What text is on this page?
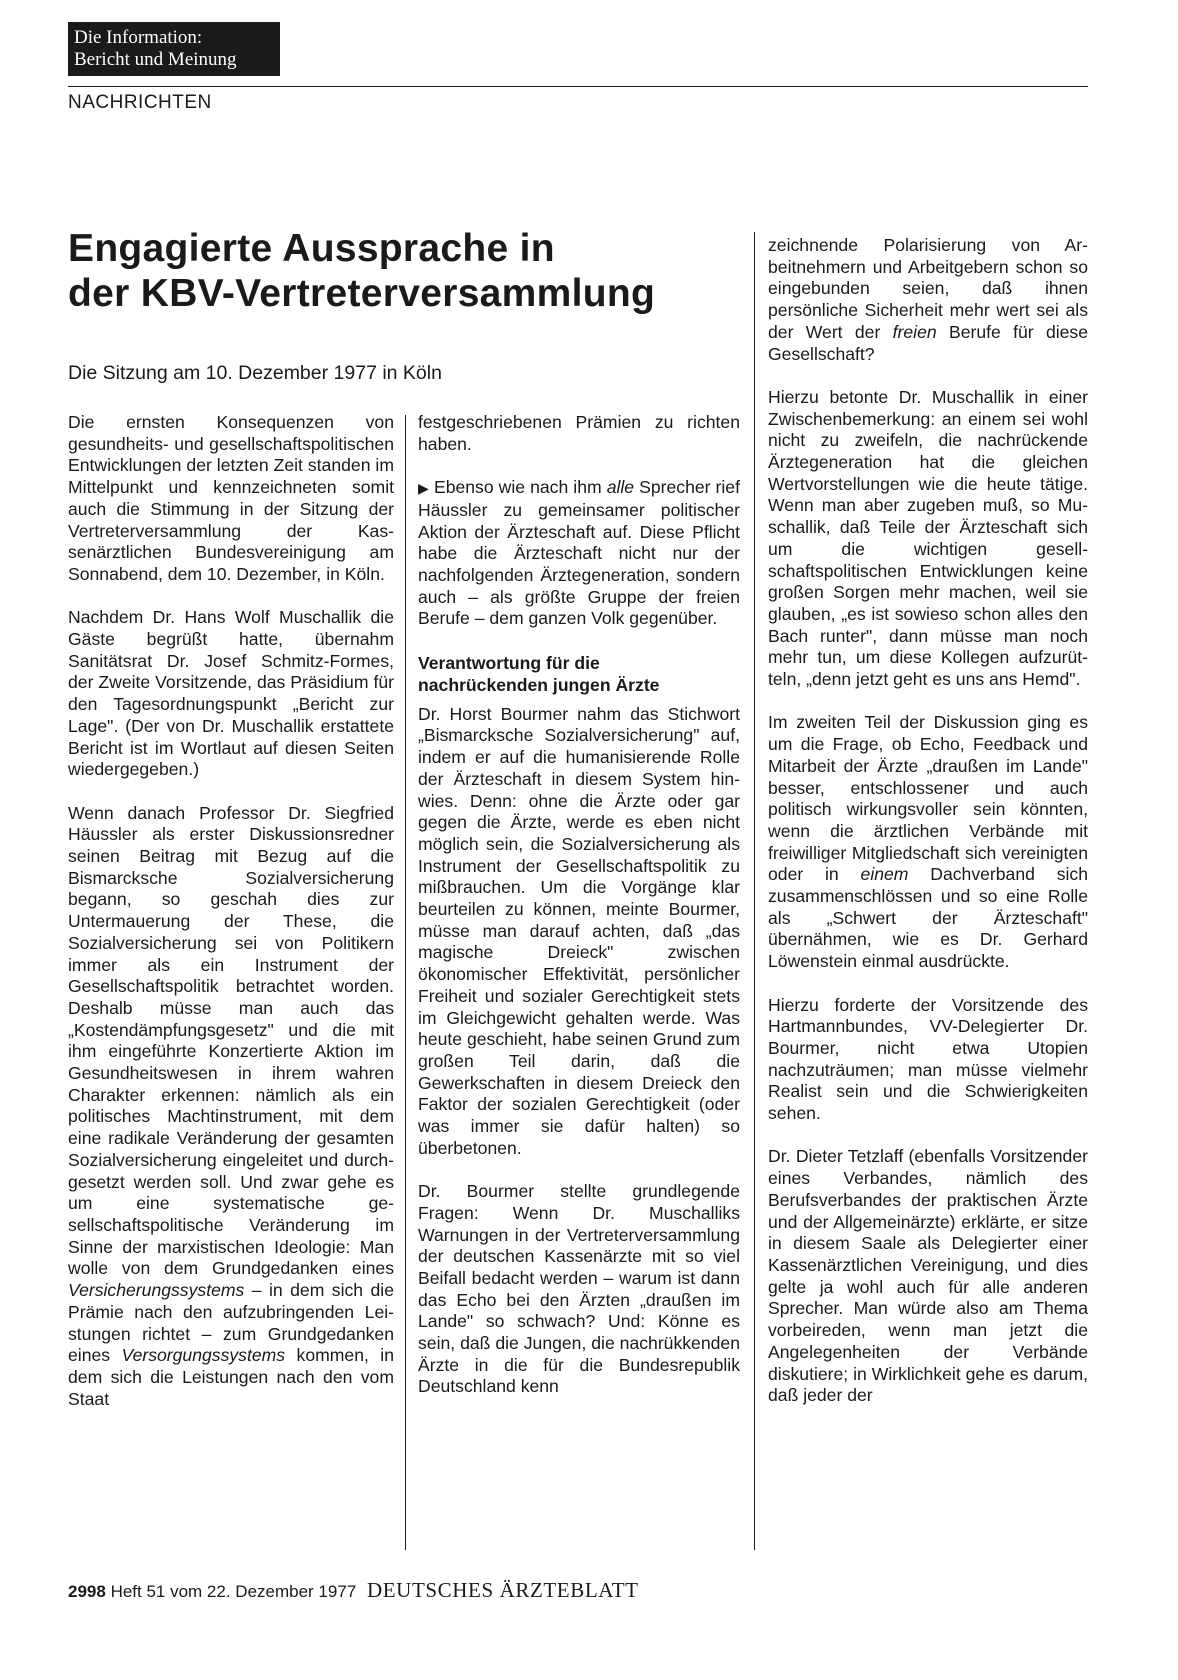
Die Information:
Bericht und Meinung
NACHRICHTEN
Engagierte Aussprache in
der KBV-Vertreterversammlung
Die Sitzung am 10. Dezember 1977 in Köln

Die ernsten Konsequenzen von gesundheits- und gesellschaftspolitischen Entwicklungen der letzten Zeit standen im Mittelpunkt und kennzeichneten somit auch die Stimmung in der Sitzung der Vertreterversammlung der Kassenärztlichen Bundesvereinigung am Sonnabend, dem 10. Dezember, in Köln.

Nachdem Dr. Hans Wolf Muschallik die Gäste begrüßt hatte, übernahm Sanitätsrat Dr. Josef Schmitz-Formes, der Zweite Vorsitzende, das Präsidium für den Tagesordnungspunkt „Bericht zur Lage". (Der von Dr. Muschallik erstattete Bericht ist im Wortlaut auf diesen Seiten wiedergegeben.)

Wenn danach Professor Dr. Siegfried Häussler als erster Diskussionsredner seinen Beitrag mit Bezug auf die Bismarcksche Sozialversicherung begann, so geschah dies zur Untermauerung der These, die Sozialversicherung sei von Politikern immer als ein Instrument der Gesellschaftspolitik betrachtet worden. Deshalb müsse man auch das „Kostendämpfungsgesetz" und die mit ihm eingeführte Konzertierte Aktion im Gesundheitswesen in ihrem wahren Charakter erkennen: nämlich als ein politisches Machtinstrument, mit dem eine radikale Veränderung der gesamten Sozialversicherung eingeleitet und durchgesetzt werden soll. Und zwar gehe es um eine systematische gesellschaftspolitische Veränderung im Sinne der marxistischen Ideologie: Man wolle von dem Grundgedanken eines Versicherungssystems – in dem sich die Prämie nach den aufzubringenden Leistungen richtet – zum Grundgedanken eines Versorgungssystems kommen, in dem sich die Leistungen nach den vom Staat

festgeschriebenen Prämien zu richten haben.

▶ Ebenso wie nach ihm alle Sprecher rief Häussler zu gemeinsamer politischer Aktion der Ärzteschaft auf. Diese Pflicht habe die Ärzteschaft nicht nur der nachfolgenden Ärztegeneration, sondern auch – als größte Gruppe der freien Berufe – dem ganzen Volk gegenüber.

Verantwortung für die
nachrückenden jungen Ärzte

Dr. Horst Bourmer nahm das Stichwort „Bismarcksche Sozialversicherung" auf, indem er auf die humanisierende Rolle der Ärzteschaft in diesem System hinwies. Denn: ohne die Ärzte oder gar gegen die Ärzte, werde es eben nicht möglich sein, die Sozialversicherung als Instrument der Gesellschaftspolitik zu mißbrauchen. Um die Vorgänge klar beurteilen zu können, meinte Bourmer, müsse man darauf achten, daß „das magische Dreieck" zwischen ökonomischer Effektivität, persönlicher Freiheit und sozialer Gerechtigkeit stets im Gleichgewicht gehalten werde. Was heute geschieht, habe seinen Grund zum großen Teil darin, daß die Gewerkschaften in diesem Dreieck den Faktor der sozialen Gerechtigkeit (oder was immer sie dafür halten) so überbetonen.

Dr. Bourmer stellte grundlegende Fragen: Wenn Dr. Muschalliks Warnungen in der Vertreterversammlung der deutschen Kassenärzte mit so viel Beifall bedacht werden – warum ist dann das Echo bei den Ärzten „draußen im Lande" so schwach? Und: Könne es sein, daß die Jungen, die nachrükkenden Ärzte in die für die Bundesrepublik Deutschland kenn

zeichnende Polarisierung von Arbeitnehmern und Arbeitgebern schon so eingebunden seien, daß ihnen persönliche Sicherheit mehr wert sei als der Wert der freien Berufe für diese Gesellschaft?

Hierzu betonte Dr. Muschallik in einer Zwischenbemerkung: an einem sei wohl nicht zu zweifeln, die nachrückende Ärztegeneration hat die gleichen Wertvorstellungen wie die heute tätige. Wenn man aber zugeben muß, so Muschallik, daß Teile der Ärzteschaft sich um die wichtigen gesellschaftspolitischen Entwicklungen keine großen Sorgen mehr machen, weil sie glauben, „es ist sowieso schon alles den Bach runter", dann müsse man noch mehr tun, um diese Kollegen aufzurütteln, „denn jetzt geht es uns ans Hemd".

Im zweiten Teil der Diskussion ging es um die Frage, ob Echo, Feedback und Mitarbeit der Ärzte „draußen im Lande" besser, entschlossener und auch politisch wirkungsvoller sein könnten, wenn die ärztlichen Verbände mit freiwilliger Mitgliedschaft sich vereinigten oder in einem Dachverband sich zusammenschlössen und so eine Rolle als „Schwert der Ärzteschaft" übernähmen, wie es Dr. Gerhard Löwenstein einmal ausdrückte.

Hierzu forderte der Vorsitzende des Hartmannbundes, VV-Delegierter Dr. Bourmer, nicht etwa Utopien nachzuträumen; man müsse vielmehr Realist sein und die Schwierigkeiten sehen.

Dr. Dieter Tetzlaff (ebenfalls Vorsitzender eines Verbandes, nämlich des Berufsverbandes der praktischen Ärzte und der Allgemeinärzte) erklärte, er sitze in diesem Saale als Delegierter einer Kassenärztlichen Vereinigung, und dies gelte ja wohl auch für alle anderen Sprecher. Man würde also am Thema vorbeireden, wenn man jetzt die Angelegenheiten der Verbände diskutiere; in Wirklichkeit gehe es darum, daß jeder der

2998 Heft 51 vom 22. Dezember 1977 DEUTSCHES ÄRZTEBLATT
